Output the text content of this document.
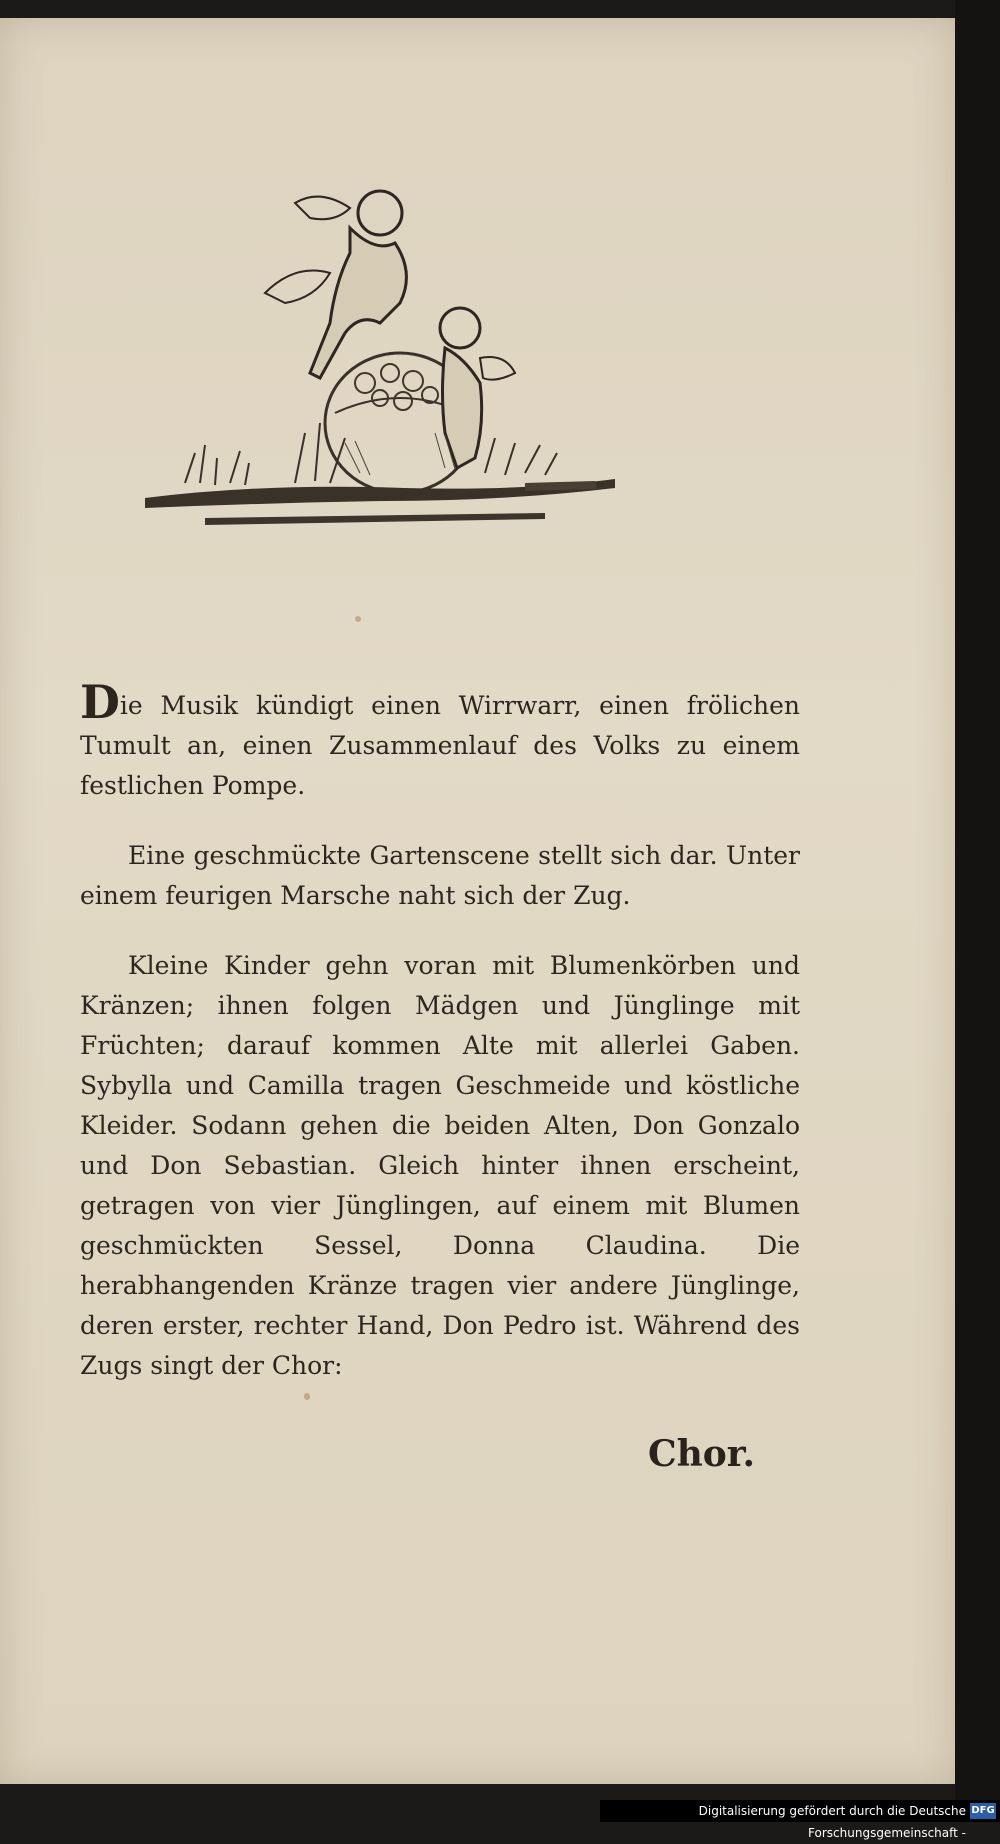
Die Musik kündigt einen Wirrwarr, einen frölichen Tumult an, einen Zusammenlauf des Volks zu einem festlichen Pompe.

Eine geschmückte Gartenscene stellt sich dar. Unter einem feurigen Marsche naht sich der Zug.

Kleine Kinder gehn voran mit Blumenkörben und Kränzen; ihnen folgen Mädgen und Jünglinge mit Früchten; darauf kommen Alte mit allerlei Gaben. Sybylla und Camilla tragen Geschmeide und köstliche Kleider. Sodann gehen die beiden Alten, Don Gonzalo und Don Sebastian. Gleich hinter ihnen erscheint, getragen von vier Jünglingen, auf einem mit Blumen geschmückten Sessel, Donna Claudina. Die herabhangenden Kränze tragen vier andere Jünglinge, deren erster, rechter Hand, Don Pedro ist. Während des Zugs singt der Chor:

Chor.
Digitalisierung gefördert durch die Deutsche Forschungsgemeinschaft -
DFG
